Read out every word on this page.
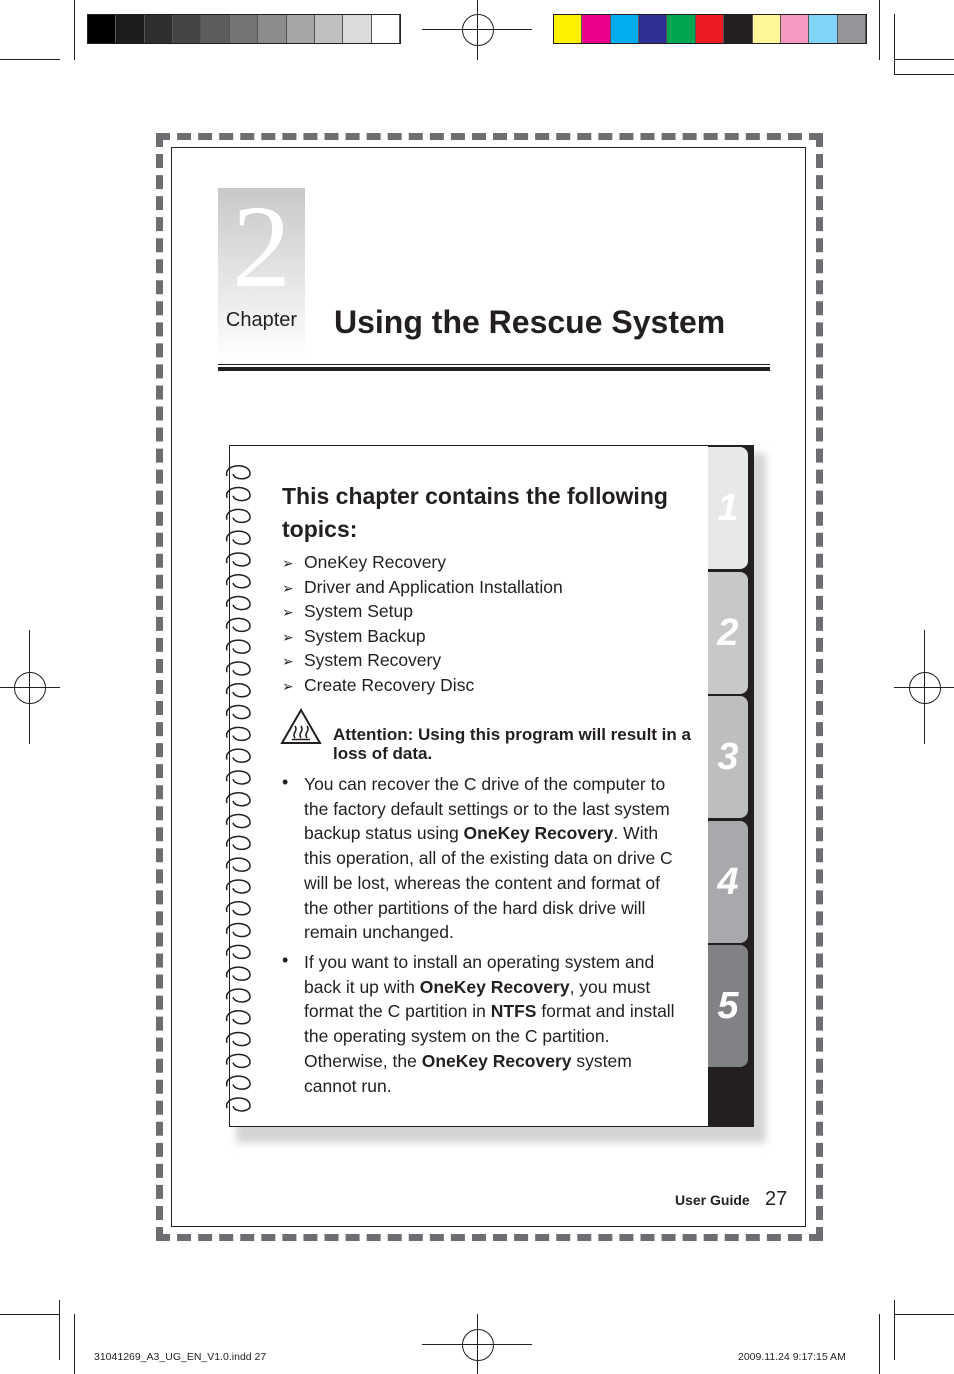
2
Chapter Using the Rescue System
1
2
3
4
5
This chapter contains the following topics:
➢ OneKey Recovery
➢ Driver and Application Installation
➢ System Setup
➢ System Backup
➢ System Recovery
➢ Create Recovery Disc
Attention: Using this program will result in a loss of data.
• You can recover the C drive of the computer to the factory default settings or to the last system backup status using OneKey Recovery. With this operation, all of the existing data on drive C will be lost, whereas the content and format of the other partitions of the hard disk drive will remain unchanged.
• If you want to install an operating system and back it up with OneKey Recovery, you must format the C partition in NTFS format and install the operating system on the C partition. Otherwise, the OneKey Recovery system cannot run.
User Guide 27
31041269_A3_UG_EN_V1.0.indd 27	2009.11.24 9:17:15 AM
